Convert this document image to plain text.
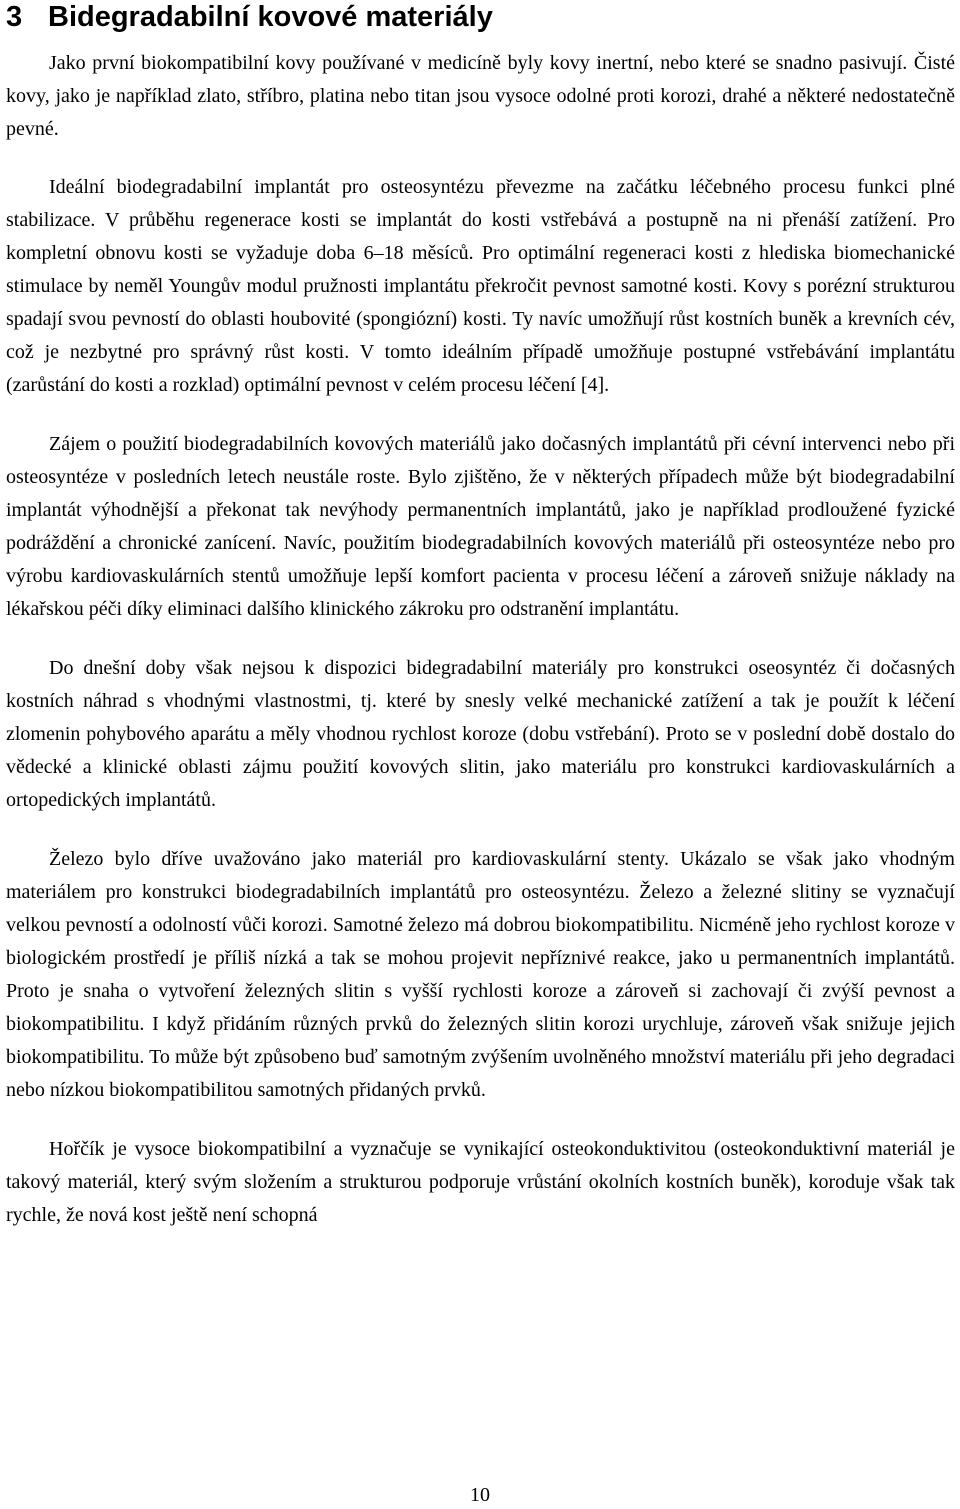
3 Bidegradabilní kovové materiály

Jako první biokompatibilní kovy používané v medicíně byly kovy inertní, nebo které se snadno pasivují. Čisté kovy, jako je například zlato, stříbro, platina nebo titan jsou vysoce odolné proti korozi, drahé a některé nedostatečně pevné.

Ideální biodegradabilní implantát pro osteosyntézu převezme na začátku léčebného procesu funkci plné stabilizace. V průběhu regenerace kosti se implantát do kosti vstřebává a postupně na ni přenáší zatížení. Pro kompletní obnovu kosti se vyžaduje doba 6–18 měsíců. Pro optimální regeneraci kosti z hlediska biomechanické stimulace by neměl Youngův modul pružnosti implantátu překročit pevnost samotné kosti. Kovy s porézní strukturou spadají svou pevností do oblasti houbovité (spongiózní) kosti. Ty navíc umožňují růst kostních buněk a krevních cév, což je nezbytné pro správný růst kosti. V tomto ideálním případě umožňuje postupné vstřebávání implantátu (zarůstání do kosti a rozklad) optimální pevnost v celém procesu léčení [4].

Zájem o použití biodegradabilních kovových materiálů jako dočasných implantátů při cévní intervenci nebo při osteosyntéze v posledních letech neustále roste. Bylo zjištěno, že v některých případech může být biodegradabilní implantát výhodnější a překonat tak nevýhody permanentních implantátů, jako je například prodloužené fyzické podráždění a chronické zanícení. Navíc, použitím biodegradabilních kovových materiálů při osteosyntéze nebo pro výrobu kardiovaskulárních stentů umožňuje lepší komfort pacienta v procesu léčení a zároveň snižuje náklady na lékařskou péči díky eliminaci dalšího klinického zákroku pro odstranění implantátu.

Do dnešní doby však nejsou k dispozici bidegradabilní materiály pro konstrukci oseosyntéz či dočasných kostních náhrad s vhodnými vlastnostmi, tj. které by snesly velké mechanické zatížení a tak je použít k léčení zlomenin pohybového aparátu a měly vhodnou rychlost koroze (dobu vstřebání). Proto se v poslední době dostalo do vědecké a klinické oblasti zájmu použití kovových slitin, jako materiálu pro konstrukci kardiovaskulárních a ortopedických implantátů.

Železo bylo dříve uvažováno jako materiál pro kardiovaskulární stenty. Ukázalo se však jako vhodným materiálem pro konstrukci biodegradabilních implantátů pro osteosyntézu. Železo a železné slitiny se vyznačují velkou pevností a odolností vůči korozi. Samotné železo má dobrou biokompatibilitu. Nicméně jeho rychlost koroze v biologickém prostředí je příliš nízká a tak se mohou projevit nepříznivé reakce, jako u permanentních implantátů. Proto je snaha o vytvoření železných slitin s vyšší rychlosti koroze a zároveň si zachovají či zvýší pevnost a biokompatibilitu. I když přidáním různých prvků do železných slitin korozi urychluje, zároveň však snižuje jejich biokompatibilitu. To může být způsobeno buď samotným zvýšením uvolněného množství materiálu při jeho degradaci nebo nízkou biokompatibilitou samotných přidaných prvků.

Hořčík je vysoce biokompatibilní a vyznačuje se vynikající osteokonduktivitou (osteokonduktivní materiál je takový materiál, který svým složením a strukturou podporuje vrůstání okolních kostních buněk), koroduje však tak rychle, že nová kost ještě není schopná

10
